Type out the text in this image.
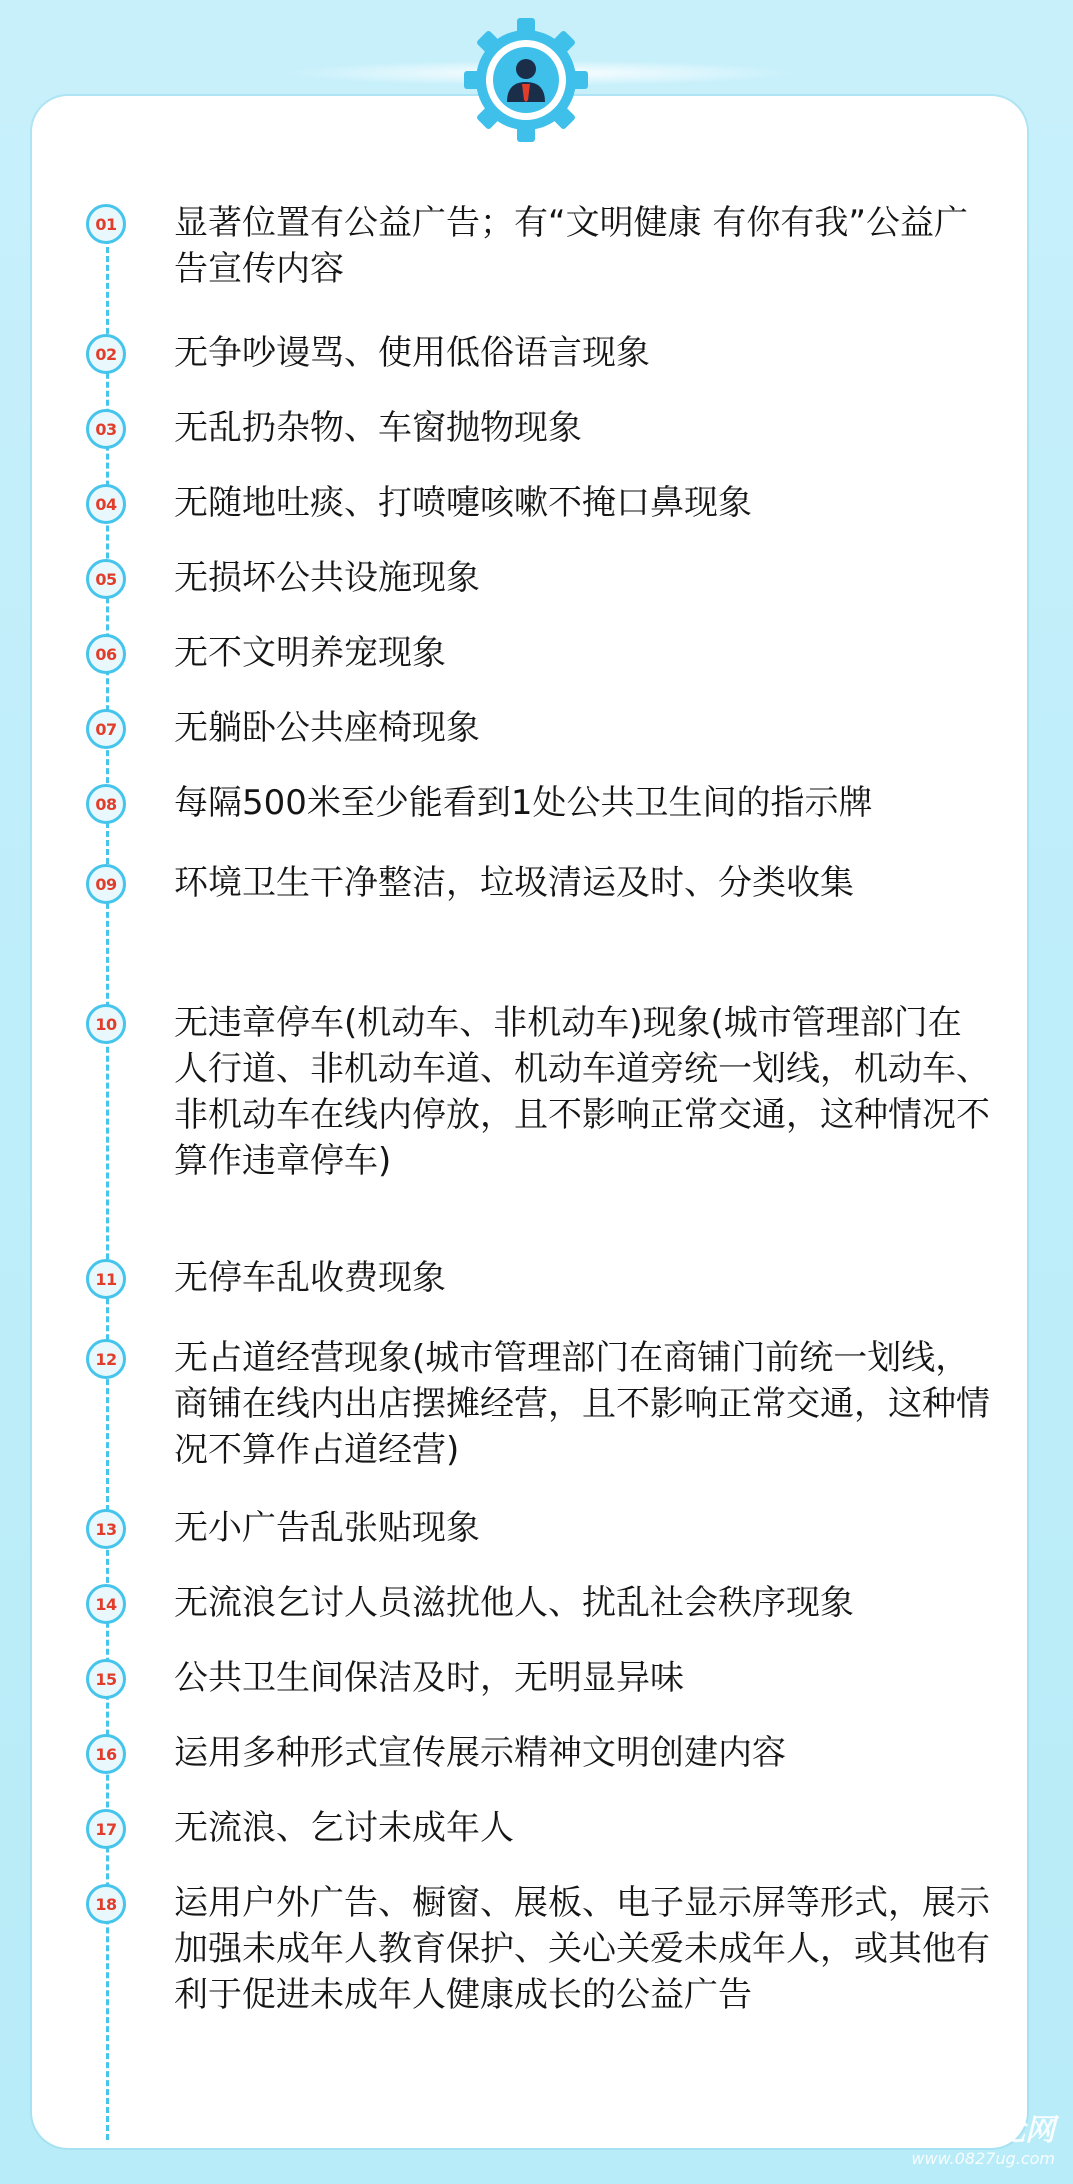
01 显著位置有公益广告；有“文明健康 有你有我”公益广告宣传内容
02 无争吵谩骂、使用低俗语言现象
03 无乱扔杂物、车窗抛物现象
04 无随地吐痰、打喷嚏咳嗽不掩口鼻现象
05 无损坏公共设施现象
06 无不文明养宠现象
07 无躺卧公共座椅现象
08 每隔500米至少能看到1处公共卫生间的指示牌
09 环境卫生干净整洁，垃圾清运及时、分类收集
10 无违章停车(机动车、非机动车)现象(城市管理部门在人行道、非机动车道、机动车道旁统一划线，机动车、非机动车在线内停放，且不影响正常交通，这种情况不算作违章停车)
11 无停车乱收费现象
12 无占道经营现象(城市管理部门在商铺门前统一划线，商铺在线内出店摆摊经营，且不影响正常交通，这种情况不算作占道经营)
13 无小广告乱张贴现象
14 无流浪乞讨人员滋扰他人、扰乱社会秩序现象
15 公共卫生间保洁及时，无明显异味
16 运用多种形式宣传展示精神文明创建内容
17 无流浪、乞讨未成年人
18 运用户外广告、橱窗、展板、电子显示屏等形式，展示加强未成年人教育保护、关心关爱未成年人，或其他有利于促进未成年人健康成长的公益广告
广元网
www.0827ug.com
